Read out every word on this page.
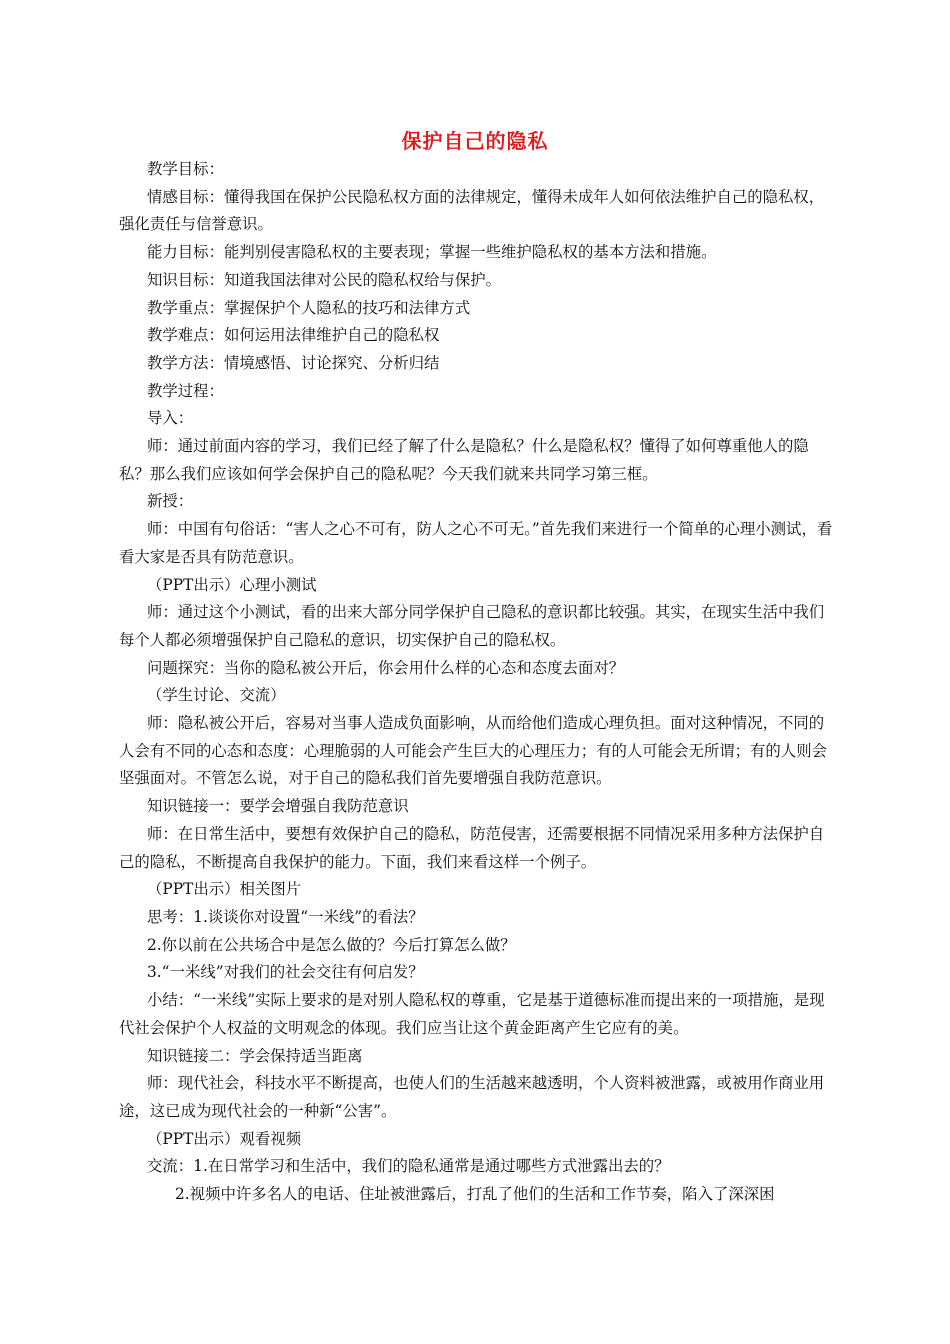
保护自己的隐私

教学目标：

情感目标：懂得我国在保护公民隐私权方面的法律规定，懂得未成年人如何依法维护自己的隐私权，强化责任与信誉意识。

能力目标：能判别侵害隐私权的主要表现；掌握一些维护隐私权的基本方法和措施。

知识目标：知道我国法律对公民的隐私权给与保护。

教学重点：掌握保护个人隐私的技巧和法律方式

教学难点：如何运用法律维护自己的隐私权

教学方法：情境感悟、讨论探究、分析归结

教学过程：

导入：

师：通过前面内容的学习，我们已经了解了什么是隐私？什么是隐私权？懂得了如何尊重他人的隐私？那么我们应该如何学会保护自己的隐私呢？今天我们就来共同学习第三框。

新授：

师：中国有句俗话：“害人之心不可有，防人之心不可无。”首先我们来进行一个简单的心理小测试，看看大家是否具有防范意识。

（PPT出示）心理小测试

师：通过这个小测试，看的出来大部分同学保护自己隐私的意识都比较强。其实，在现实生活中我们每个人都必须增强保护自己隐私的意识，切实保护自己的隐私权。

问题探究：当你的隐私被公开后，你会用什么样的心态和态度去面对？

（学生讨论、交流）

师：隐私被公开后，容易对当事人造成负面影响，从而给他们造成心理负担。面对这种情况，不同的人会有不同的心态和态度：心理脆弱的人可能会产生巨大的心理压力；有的人可能会无所谓；有的人则会坚强面对。不管怎么说，对于自己的隐私我们首先要增强自我防范意识。

知识链接一：要学会增强自我防范意识

师：在日常生活中，要想有效保护自己的隐私，防范侵害，还需要根据不同情况采用多种方法保护自己的隐私，不断提高自我保护的能力。下面，我们来看这样一个例子。

（PPT出示）相关图片

思考：1.谈谈你对设置“一米线”的看法？

2.你以前在公共场合中是怎么做的？今后打算怎么做？

3.“一米线”对我们的社会交往有何启发？

小结：“一米线”实际上要求的是对别人隐私权的尊重，它是基于道德标准而提出来的一项措施，是现代社会保护个人权益的文明观念的体现。我们应当让这个黄金距离产生它应有的美。

知识链接二：学会保持适当距离

师：现代社会，科技水平不断提高，也使人们的生活越来越透明，个人资料被泄露，或被用作商业用途，这已成为现代社会的一种新“公害”。

（PPT出示）观看视频

交流：1.在日常学习和生活中，我们的隐私通常是通过哪些方式泄露出去的？

2.视频中许多名人的电话、住址被泄露后，打乱了他们的生活和工作节奏，陷入了深深困
